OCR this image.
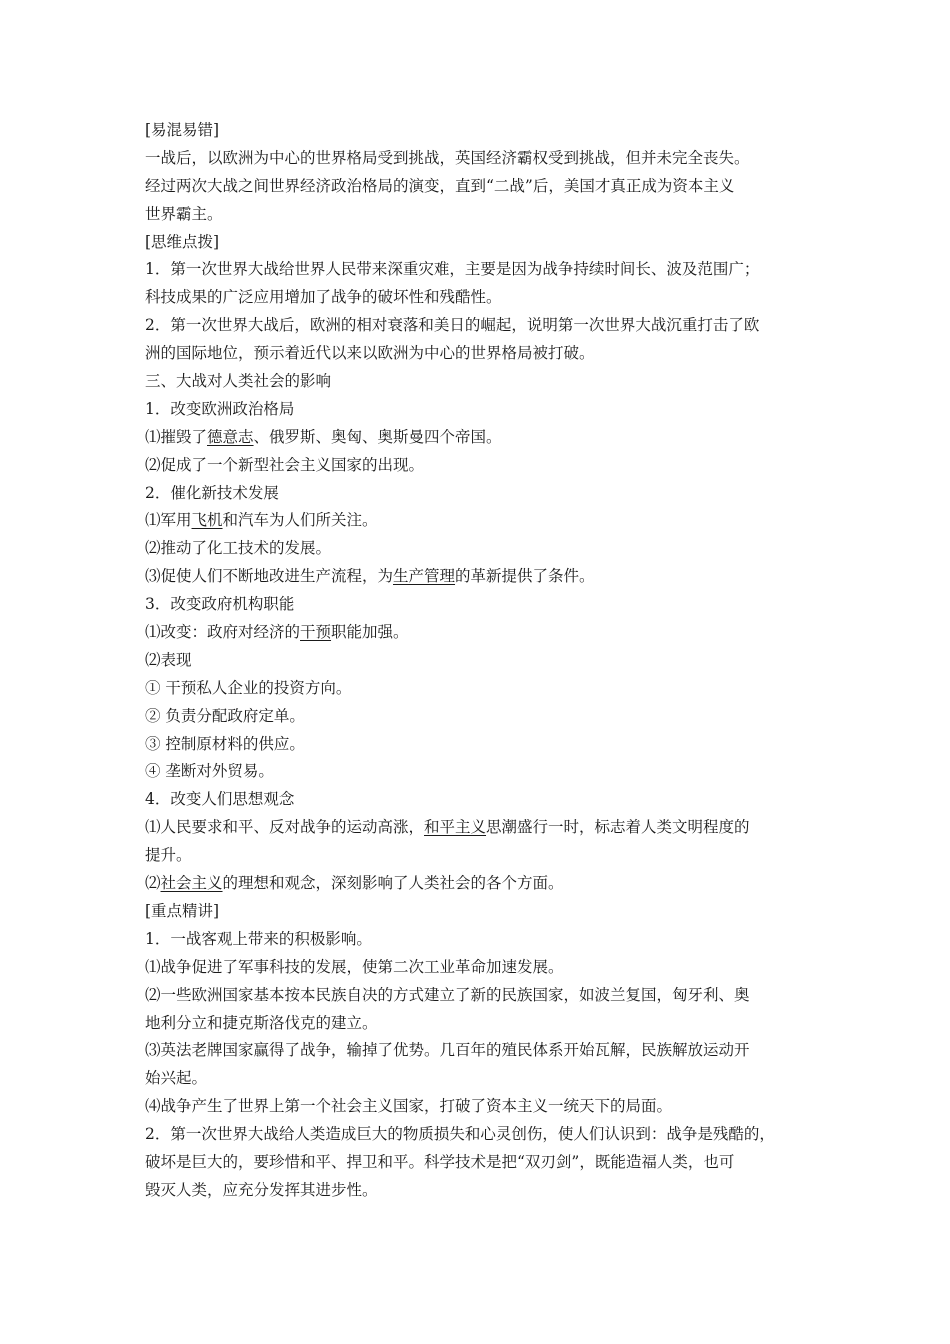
[易混易错]
一战后，以欧洲为中心的世界格局受到挑战，英国经济霸权受到挑战，但并未完全丧失。
经过两次大战之间世界经济政治格局的演变，直到“二战”后，美国才真正成为资本主义
世界霸主。
[思维点拨]
1．第一次世界大战给世界人民带来深重灾难，主要是因为战争持续时间长、波及范围广；
科技成果的广泛应用增加了战争的破坏性和残酷性。
2．第一次世界大战后，欧洲的相对衰落和美日的崛起，说明第一次世界大战沉重打击了欧
洲的国际地位，预示着近代以来以欧洲为中心的世界格局被打破。
三、大战对人类社会的影响
1．改变欧洲政治格局
⑴摧毁了德意志、俄罗斯、奥匈、奥斯曼四个帝国。
⑵促成了一个新型社会主义国家的出现。
2．催化新技术发展
⑴军用飞机和汽车为人们所关注。
⑵推动了化工技术的发展。
⑶促使人们不断地改进生产流程，为生产管理的革新提供了条件。
3．改变政府机构职能
⑴改变：政府对经济的干预职能加强。
⑵表现
① 干预私人企业的投资方向。
② 负责分配政府定单。
③ 控制原材料的供应。
④ 垄断对外贸易。
4．改变人们思想观念
⑴人民要求和平、反对战争的运动高涨，和平主义思潮盛行一时，标志着人类文明程度的
提升。
⑵社会主义的理想和观念，深刻影响了人类社会的各个方面。
[重点精讲]
1．一战客观上带来的积极影响。
⑴战争促进了军事科技的发展，使第二次工业革命加速发展。
⑵一些欧洲国家基本按本民族自决的方式建立了新的民族国家，如波兰复国，匈牙利、奥
地利分立和捷克斯洛伐克的建立。
⑶英法老牌国家赢得了战争，输掉了优势。几百年的殖民体系开始瓦解，民族解放运动开
始兴起。
⑷战争产生了世界上第一个社会主义国家，打破了资本主义一统天下的局面。
2．第一次世界大战给人类造成巨大的物质损失和心灵创伤，使人们认识到：战争是残酷的，
破坏是巨大的，要珍惜和平、捍卫和平。科学技术是把“双刃剑”，既能造福人类，也可
毁灭人类，应充分发挥其进步性。
